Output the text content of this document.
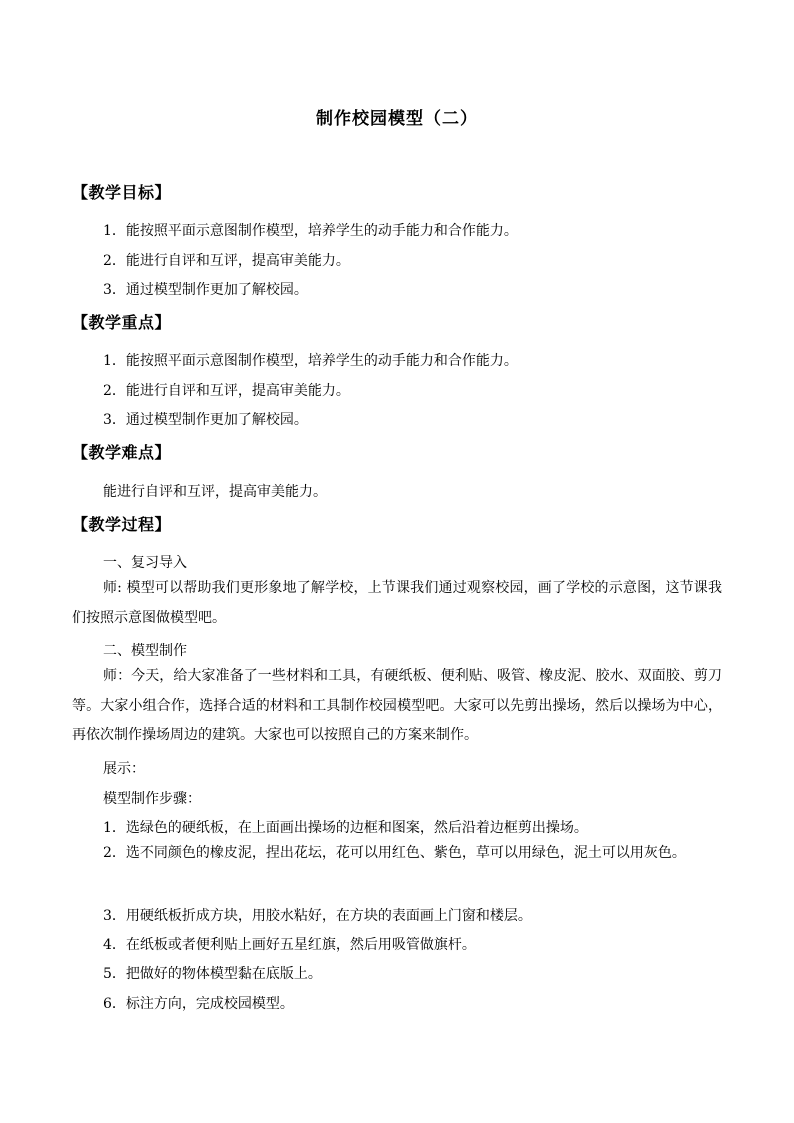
制作校园模型（二）
【教学目标】
1．能按照平面示意图制作模型，培养学生的动手能力和合作能力。
2．能进行自评和互评，提高审美能力。
3．通过模型制作更加了解校园。
【教学重点】
1．能按照平面示意图制作模型，培养学生的动手能力和合作能力。
2．能进行自评和互评，提高审美能力。
3．通过模型制作更加了解校园。
【教学难点】
能进行自评和互评，提高审美能力。
【教学过程】
一、复习导入
师: 模型可以帮助我们更形象地了解学校，上节课我们通过观察校园，画了学校的示意图，这节课我们按照示意图做模型吧。
二、模型制作
师：今天，给大家准备了一些材料和工具，有硬纸板、便利贴、吸管、橡皮泥、胶水、双面胶、剪刀等。大家小组合作，选择合适的材料和工具制作校园模型吧。大家可以先剪出操场，然后以操场为中心，再依次制作操场周边的建筑。大家也可以按照自己的方案来制作。
展示：
模型制作步骤：
1．选绿色的硬纸板，在上面画出操场的边框和图案，然后沿着边框剪出操场。
2．选不同颜色的橡皮泥，捏出花坛，花可以用红色、紫色，草可以用绿色，泥土可以用灰色。
3．用硬纸板折成方块，用胶水粘好，在方块的表面画上门窗和楼层。
4．在纸板或者便利贴上画好五星红旗，然后用吸管做旗杆。
5．把做好的物体模型黏在底版上。
6．标注方向，完成校园模型。
